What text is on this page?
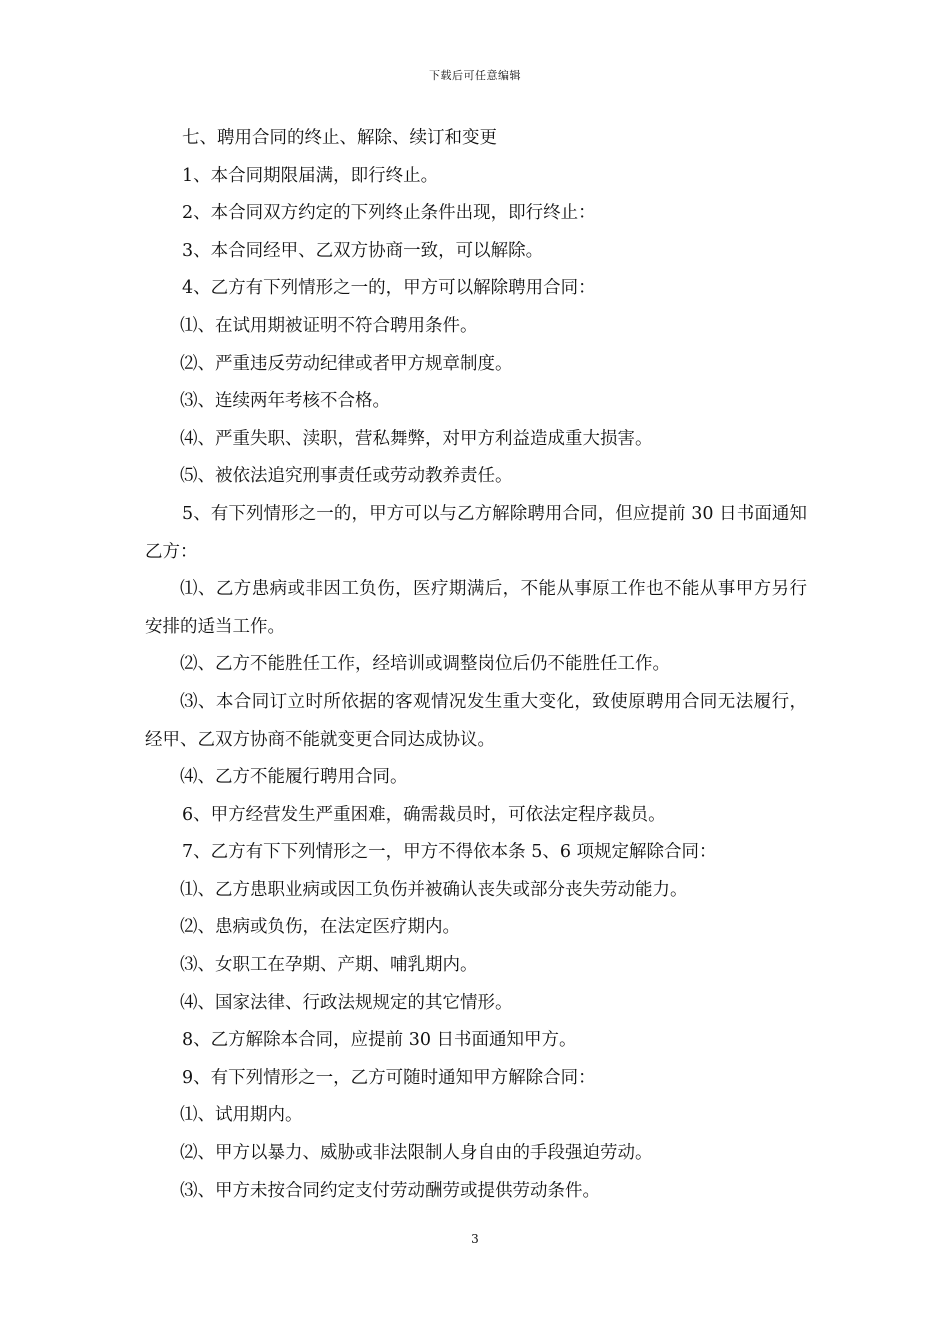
下载后可任意编辑

七、聘用合同的终止、解除、续订和变更

1、本合同期限届满，即行终止。

2、本合同双方约定的下列终止条件出现，即行终止：

3、本合同经甲、乙双方协商一致，可以解除。

4、乙方有下列情形之一的，甲方可以解除聘用合同：

⑴、在试用期被证明不符合聘用条件。

⑵、严重违反劳动纪律或者甲方规章制度。

⑶、连续两年考核不合格。

⑷、严重失职、渎职，营私舞弊，对甲方利益造成重大损害。

⑸、被依法追究刑事责任或劳动教养责任。

5、有下列情形之一的，甲方可以与乙方解除聘用合同，但应提前 30 日书面通知乙方：

⑴、乙方患病或非因工负伤，医疗期满后，不能从事原工作也不能从事甲方另行安排的适当工作。

⑵、乙方不能胜任工作，经培训或调整岗位后仍不能胜任工作。

⑶、本合同订立时所依据的客观情况发生重大变化，致使原聘用合同无法履行，经甲、乙双方协商不能就变更合同达成协议。

⑷、乙方不能履行聘用合同。

6、甲方经营发生严重困难，确需裁员时，可依法定程序裁员。

7、乙方有下下列情形之一，甲方不得依本条 5、6 项规定解除合同：

⑴、乙方患职业病或因工负伤并被确认丧失或部分丧失劳动能力。

⑵、患病或负伤，在法定医疗期内。

⑶、女职工在孕期、产期、哺乳期内。

⑷、国家法律、行政法规规定的其它情形。

8、乙方解除本合同，应提前 30 日书面通知甲方。

9、有下列情形之一，乙方可随时通知甲方解除合同：

⑴、试用期内。

⑵、甲方以暴力、威胁或非法限制人身自由的手段强迫劳动。

⑶、甲方未按合同约定支付劳动酬劳或提供劳动条件。

3
